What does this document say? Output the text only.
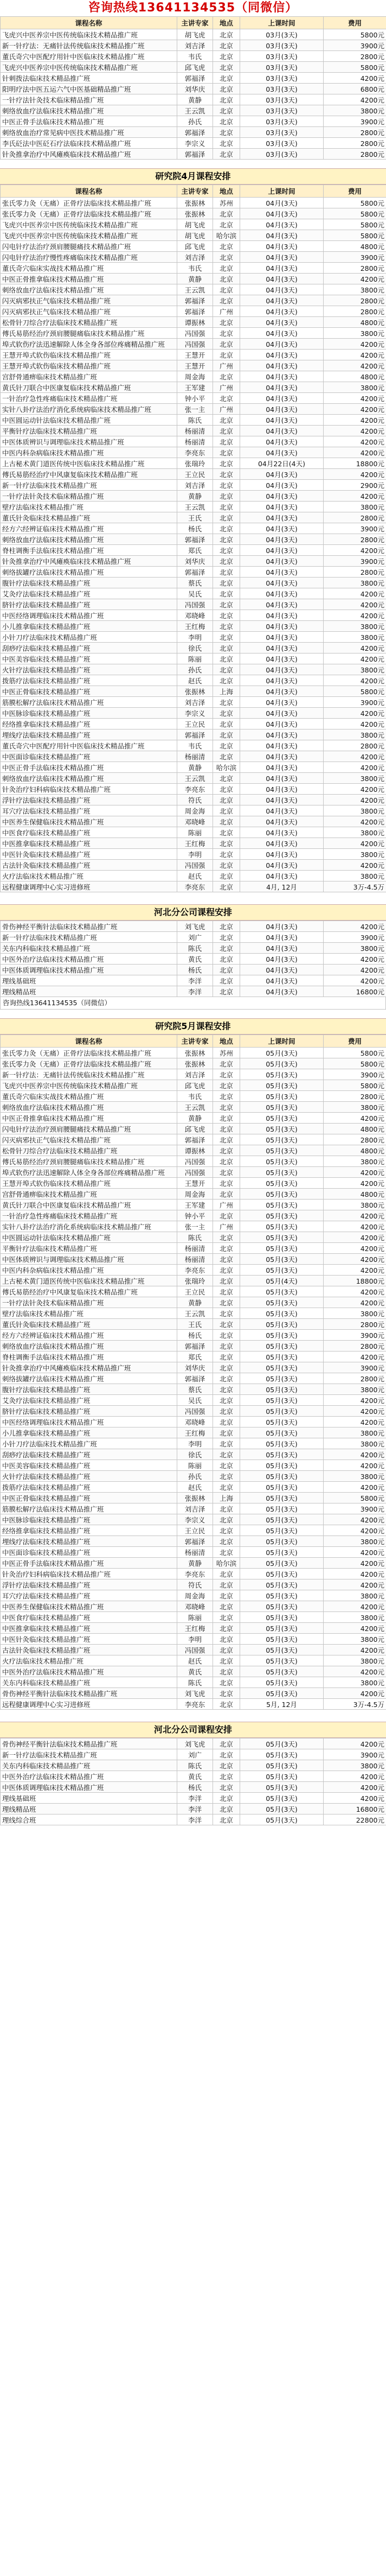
咨询热线13641134535（同微信）
课程名称	主讲专家	地点	上课时间	费用
飞虎兴中医养宗中医传统临床技术精品推广班	胡飞虎	北京	03月(3天)	5800元
新一针疗法：无痛针法传统临床技术精品推广班	刘吉泽	北京	03月(3天)	3900元
董氏奇穴中医配疗用针中医临床技术精品推广班	韦氏	北京	03月(3天)	2800元
飞虎兴中医养宗中医传统临床技术精品推广班	邱飞虎	北京	03月(3天)	5800元
针刺拨法临床技术精品推广班	郭福泽	北京	03月(3天)	4200元
阳明疗法中医五运六气中医基础精品推广班	刘华庆	北京	03月(3天)	6800元
一针疗法针灸技术临床精品推广班	黄静	北京	03月(3天)	4200元
刺络放血疗法临床技术精品推广班	王云凯	北京	03月(3天)	3800元
中医正骨手法临床技术精品推广班	孙氏	北京	03月(3天)	3900元
刺络放血治疗常见病中医技术精品推广班	郭福泽	北京	03月(3天)	2800元
李氏砭法中医砭石疗法临床技术精品推广班	李宗义	北京	03月(3天)	2800元
针灸推拿治疗中风瘫痪临床技术精品推广班	郭福泽	北京	03月(3天)	2800元
研究院4月课程安排
课程名称	主讲专家	地点	上课时间	费用
张氏零力灸（无痛）正骨疗法临床技术精品推广班	张振林	苏州	04月(3天)	5800元
张氏零力灸（无痛）正骨疗法临床技术精品推广班	张振林	北京	04月(3天)	5800元
飞虎兴中医养宗中医传统临床技术精品推广班	胡飞虎	北京	04月(3天)	5800元
飞虎兴中医养宗中医传统临床技术精品推广班	胡飞虎	哈尔滨	04月(3天)	5800元
闪电针疗法治疗颈肩腰腿痛技术精品推广班	邱飞虎	北京	04月(3天)	4800元
闪电针疗法治疗慢性疼痛临床技术精品推广班	刘吉泽	北京	04月(3天)	3900元
董氏奇穴临床实战技术精品推广班	韦氏	北京	04月(3天)	2800元
中医正骨推拿临床技术精品推广班	黄静	北京	04月(3天)	4200元
刺络放血疗法临床技术精品推广班	王云凯	北京	04月(3天)	3800元
闪灭病邪扶正气临床技术精品推广班	郭福泽	北京	04月(3天)	2800元
闪灭病邪扶正气临床技术精品推广班	郭福泽	广州	04月(3天)	2800元
松骨针刀综合疗法临床技术精品推广班	谭振林	北京	04月(3天)	4800元
傅氏易筋经治疗颈肩腰腿痛临床技术精品推广班	冯国强	北京	04月(3天)	3800元
埠式软伤疗法迅速解除人体全身各部位疼痛精品推广班	冯国强	北京	04月(3天)	4200元
王慧开埠式软伤临床技术精品推广班	王慧开	北京	04月(3天)	4200元
王慧开埠式软伤临床技术精品推广班	王慧开	广州	04月(3天)	4200元
宫舒骨通痹临床技术精品推广班	周金海	北京	04月(3天)	4800元
黄氏针刀联合中医康复临床技术精品推广班	王军建	广州	04月(3天)	3800元
一针治疗急性疼痛临床技术精品推广班	钟小平	北京	04月(3天)	4200元
实针八卦疗法治疗消化系统病临床技术精品推广班	张一主	广州	04月(3天)	4200元
中医圆运动针法临床技术精品推广班	陈氏	北京	04月(3天)	4200元
平衡针疗法临床技术精品推广班	杨丽清	北京	04月(3天)	4200元
中医体质辨识与调理临床技术精品推广班	杨丽清	北京	04月(3天)	4200元
中医内科杂病临床技术精品推广班	李亮东	北京	04月(3天)	4200元
上古秘术黄门道医传统中医临床技术精品推广班	张瑞玲	北京	04月22日(4天)	18800元
傅氏易筋经治疗中风康复临床技术精品推广班	王立民	北京	04月(3天)	4200元
新一针疗法临床技术精品推广班	刘吉泽	北京	04月(3天)	2900元
一针疗法针灸技术临床精品推广班	黄静	北京	04月(3天)	4200元
壁疗法临床技术精品推广班	王云凯	北京	04月(3天)	3800元
董氏针灸临床技术精品推广班	王氏	北京	04月(3天)	2800元
经方六经辨证临床技术精品推广班	杨氏	北京	04月(3天)	3900元
刺络放血疗法临床技术精品推广班	郭福泽	北京	04月(3天)	2800元
脊柱调衡手法临床技术精品推广班	郑氏	北京	04月(3天)	4200元
针灸推拿治疗中风瘫痪临床技术精品推广班	刘华庆	北京	04月(3天)	3900元
刺络拔罐疗法临床技术精品推广班	郭福泽	北京	04月(3天)	2800元
腹针疗法临床技术精品推广班	蔡氏	北京	04月(3天)	3800元
艾灸疗法临床技术精品推广班	吴氏	北京	04月(3天)	4200元
脐针疗法临床技术精品推广班	冯国强	北京	04月(3天)	4200元
中医经络调理临床技术精品推广班	邓晓峰	北京	04月(3天)	4200元
小儿推拿临床技术精品推广班	王红梅	北京	04月(3天)	3800元
小针刀疗法临床技术精品推广班	李明	北京	04月(3天)	3800元
刮痧疗法临床技术精品推广班	徐氏	北京	04月(3天)	4200元
中医美容临床技术精品推广班	陈丽	北京	04月(3天)	4200元
火针疗法临床技术精品推广班	孙氏	北京	04月(3天)	3800元
拨筋疗法临床技术精品推广班	赵氏	北京	04月(3天)	4200元
中医正骨临床技术精品推广班	张振林	上海	04月(3天)	5800元
筋膜松解疗法临床技术精品推广班	刘吉泽	北京	04月(3天)	3900元
中医脉诊临床技术精品推广班	李宗义	北京	04月(3天)	4200元
经络推拿临床技术精品推广班	王立民	北京	04月(3天)	4200元
埋线疗法临床技术精品推广班	郭福泽	北京	04月(3天)	3800元
董氏奇穴中医配疗用针中医临床技术精品推广班	韦氏	北京	04月(3天)	2800元
中医面诊临床技术精品推广班	杨丽清	北京	04月(3天)	4200元
中医正骨手法临床技术精品推广班	黄静	哈尔滨	04月(3天)	4200元
刺络放血疗法临床技术精品推广班	王云凯	北京	04月(3天)	3800元
针灸治疗妇科病临床技术精品推广班	李亮东	北京	04月(3天)	4200元
浮针疗法临床技术精品推广班	符氏	北京	04月(3天)	4200元
耳穴疗法临床技术精品推广班	周金海	北京	04月(3天)	3800元
中医养生保健临床技术精品推广班	邓晓峰	北京	04月(3天)	4200元
中医食疗临床技术精品推广班	陈丽	北京	04月(3天)	3800元
中医推拿临床技术精品推广班	王红梅	北京	04月(3天)	4200元
中医针灸临床技术精品推广班	李明	北京	04月(3天)	3800元
古法针灸临床技术精品推广班	冯国强	北京	04月(3天)	4200元
火疗法临床技术精品推广班	赵氏	北京	04月(3天)	3800元
远程健康调理中心实习进修班	李亮东	北京	4月, 12月	3万-4.5万
河北分公司课程安排
骨伤神经平衡针法临床技术精品推广班	刘飞虎	北京	04月(3天)	4200元
新一针疗法临床技术精品推广班	刘广	北京	04月(3天)	3900元
关东内科临床技术精品推广班	陈氏	北京	04月(3天)	3800元
中医外治疗法临床技术精品推广班	黄氏	北京	04月(3天)	4200元
中医体质调理临床技术精品推广班	杨氏	北京	04月(3天)	4200元
理线基础班	李洋	北京	04月(3天)	4200元
理线精品班	李洋	北京	04月(3天)	16800元
咨询热线13641134535（同微信）
研究院5月课程安排
课程名称	主讲专家	地点	上课时间	费用
张氏零力灸（无痛）正骨疗法临床技术精品推广班	张振林	苏州	05月(3天)	5800元
张氏零力灸（无痛）正骨疗法临床技术精品推广班	张振林	北京	05月(3天)	5800元
新一针疗法：无痛针法传统临床技术精品推广班	刘吉泽	北京	05月(3天)	3900元
飞虎兴中医养宗中医传统临床技术精品推广班	邱飞虎	北京	05月(3天)	5800元
董氏奇穴临床实战技术精品推广班	韦氏	北京	05月(3天)	2800元
刺络放血疗法临床技术精品推广班	王云凯	北京	05月(3天)	3800元
中医正骨推拿临床技术精品推广班	黄静	北京	05月(3天)	4200元
闪电针疗法治疗颈肩腰腿痛技术精品推广班	邱飞虎	北京	05月(3天)	4800元
闪灭病邪扶正气临床技术精品推广班	郭福泽	北京	05月(3天)	2800元
松骨针刀综合疗法临床技术精品推广班	谭振林	北京	05月(3天)	4800元
傅氏易筋经治疗颈肩腰腿痛临床技术精品推广班	冯国强	北京	05月(3天)	3800元
埠式软伤疗法迅速解除人体全身各部位疼痛精品推广班	冯国强	北京	05月(3天)	4200元
王慧开埠式软伤临床技术精品推广班	王慧开	北京	05月(3天)	4200元
宫舒骨通痹临床技术精品推广班	周金海	北京	05月(3天)	4800元
黄氏针刀联合中医康复临床技术精品推广班	王军建	广州	05月(3天)	3800元
一针治疗急性疼痛临床技术精品推广班	钟小平	北京	05月(3天)	4200元
实针八卦疗法治疗消化系统病临床技术精品推广班	张一主	广州	05月(3天)	4200元
中医圆运动针法临床技术精品推广班	陈氏	北京	05月(3天)	4200元
平衡针疗法临床技术精品推广班	杨丽清	北京	05月(3天)	4200元
中医体质辨识与调理临床技术精品推广班	杨丽清	北京	05月(3天)	4200元
中医内科杂病临床技术精品推广班	李亮东	北京	05月(3天)	4200元
上古秘术黄门道医传统中医临床技术精品推广班	张瑞玲	北京	05月(4天)	18800元
傅氏易筋经治疗中风康复临床技术精品推广班	王立民	北京	05月(3天)	4200元
一针疗法针灸技术临床精品推广班	黄静	北京	05月(3天)	4200元
壁疗法临床技术精品推广班	王云凯	北京	05月(3天)	3800元
董氏针灸临床技术精品推广班	王氏	北京	05月(3天)	2800元
经方六经辨证临床技术精品推广班	杨氏	北京	05月(3天)	3900元
刺络放血疗法临床技术精品推广班	郭福泽	北京	05月(3天)	2800元
脊柱调衡手法临床技术精品推广班	郑氏	北京	05月(3天)	4200元
针灸推拿治疗中风瘫痪临床技术精品推广班	刘华庆	北京	05月(3天)	3900元
刺络拔罐疗法临床技术精品推广班	郭福泽	北京	05月(3天)	2800元
腹针疗法临床技术精品推广班	蔡氏	北京	05月(3天)	3800元
艾灸疗法临床技术精品推广班	吴氏	北京	05月(3天)	4200元
脐针疗法临床技术精品推广班	冯国强	北京	05月(3天)	4200元
中医经络调理临床技术精品推广班	邓晓峰	北京	05月(3天)	4200元
小儿推拿临床技术精品推广班	王红梅	北京	05月(3天)	3800元
小针刀疗法临床技术精品推广班	李明	北京	05月(3天)	3800元
刮痧疗法临床技术精品推广班	徐氏	北京	05月(3天)	4200元
中医美容临床技术精品推广班	陈丽	北京	05月(3天)	4200元
火针疗法临床技术精品推广班	孙氏	北京	05月(3天)	3800元
拨筋疗法临床技术精品推广班	赵氏	北京	05月(3天)	4200元
中医正骨临床技术精品推广班	张振林	上海	05月(3天)	5800元
筋膜松解疗法临床技术精品推广班	刘吉泽	北京	05月(3天)	3900元
中医脉诊临床技术精品推广班	李宗义	北京	05月(3天)	4200元
经络推拿临床技术精品推广班	王立民	北京	05月(3天)	4200元
埋线疗法临床技术精品推广班	郭福泽	北京	05月(3天)	3800元
中医面诊临床技术精品推广班	杨丽清	北京	05月(3天)	4200元
中医正骨手法临床技术精品推广班	黄静	哈尔滨	05月(3天)	4200元
针灸治疗妇科病临床技术精品推广班	李亮东	北京	05月(3天)	4200元
浮针疗法临床技术精品推广班	符氏	北京	05月(3天)	4200元
耳穴疗法临床技术精品推广班	周金海	北京	05月(3天)	3800元
中医养生保健临床技术精品推广班	邓晓峰	北京	05月(3天)	4200元
中医食疗临床技术精品推广班	陈丽	北京	05月(3天)	3800元
中医推拿临床技术精品推广班	王红梅	北京	05月(3天)	4200元
中医针灸临床技术精品推广班	李明	北京	05月(3天)	3800元
古法针灸临床技术精品推广班	冯国强	北京	05月(3天)	4200元
火疗法临床技术精品推广班	赵氏	北京	05月(3天)	3800元
中医外治疗法临床技术精品推广班	黄氏	北京	05月(3天)	4200元
关东内科临床技术精品推广班	陈氏	北京	05月(3天)	3800元
骨伤神经平衡针法临床技术精品推广班	刘飞虎	北京	05月(3天)	4200元
远程健康调理中心实习进修班	李亮东	北京	5月, 12月	3万-4.5万
河北分公司课程安排
骨伤神经平衡针法临床技术精品推广班	刘飞虎	北京	05月(3天)	4200元
新一针疗法临床技术精品推广班	刘广	北京	05月(3天)	3900元
关东内科临床技术精品推广班	陈氏	北京	05月(3天)	3800元
中医外治疗法临床技术精品推广班	黄氏	北京	05月(3天)	4200元
中医体质调理临床技术精品推广班	杨氏	北京	05月(3天)	4200元
理线基础班	李洋	北京	05月(3天)	4200元
理线精品班	李洋	北京	05月(3天)	16800元
理线综合班	李洋	北京	05月(3天)	22800元
